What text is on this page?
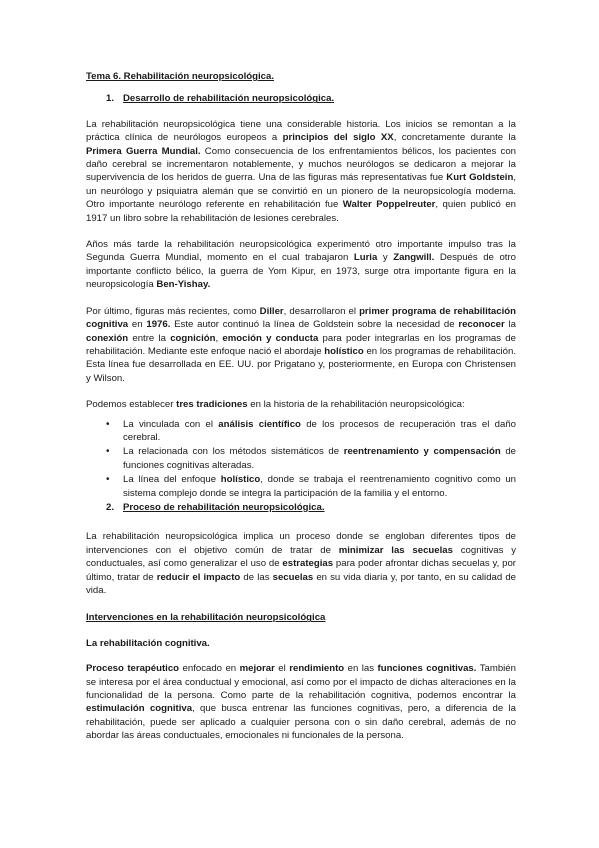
Tema 6. Rehabilitación neuropsicológica.

1. Desarrollo de rehabilitación neuropsicológica.

La rehabilitación neuropsicológica tiene una considerable historia. Los inicios se remontan a la práctica clínica de neurólogos europeos a principios del siglo XX, concretamente durante la Primera Guerra Mundial. Como consecuencia de los enfrentamientos bélicos, los pacientes con daño cerebral se incrementaron notablemente, y muchos neurólogos se dedicaron a mejorar la supervivencia de los heridos de guerra. Una de las figuras más representativas fue Kurt Goldstein, un neurólogo y psiquiatra alemán que se convirtió en un pionero de la neuropsicología moderna. Otro importante neurólogo referente en rehabilitación fue Walter Poppelreuter, quien publicó en 1917 un libro sobre la rehabilitación de lesiones cerebrales.

Años más tarde la rehabilitación neuropsicológica experimentó otro importante impulso tras la Segunda Guerra Mundial, momento en el cual trabajaron Luria y Zangwill. Después de otro importante conflicto bélico, la guerra de Yom Kipur, en 1973, surge otra importante figura en la neuropsicología Ben-Yishay.

Por último, figuras más recientes, como Diller, desarrollaron el primer programa de rehabilitación cognitiva en 1976. Este autor continuó la línea de Goldstein sobre la necesidad de reconocer la conexión entre la cognición, emoción y conducta para poder integrarlas en los programas de rehabilitación. Mediante este enfoque nació el abordaje holístico en los programas de rehabilitación. Esta línea fue desarrollada en EE. UU. por Prigatano y, posteriormente, en Europa con Christensen y Wilson.

Podemos establecer tres tradiciones en la historia de la rehabilitación neuropsicológica:

•	La vinculada con el análisis científico de los procesos de recuperación tras el daño cerebral.
•	La relacionada con los métodos sistemáticos de reentrenamiento y compensación de funciones cognitivas alteradas.
•	La línea del enfoque holístico, donde se trabaja el reentrenamiento cognitivo como un sistema complejo donde se integra la participación de la familia y el entorno.
2. Proceso de rehabilitación neuropsicológica.

La rehabilitación neuropsicológica implica un proceso donde se engloban diferentes tipos de intervenciones con el objetivo común de tratar de minimizar las secuelas cognitivas y conductuales, así como generalizar el uso de estrategias para poder afrontar dichas secuelas y, por último, tratar de reducir el impacto de las secuelas en su vida diaria y, por tanto, en su calidad de vida.

Intervenciones en la rehabilitación neuropsicológica

La rehabilitación cognitiva.

Proceso terapéutico enfocado en mejorar el rendimiento en las funciones cognitivas. También se interesa por el área conductual y emocional, así como por el impacto de dichas alteraciones en la funcionalidad de la persona. Como parte de la rehabilitación cognitiva, podemos encontrar la estimulación cognitiva, que busca entrenar las funciones cognitivas, pero, a diferencia de la rehabilitación, puede ser aplicado a cualquier persona con o sin daño cerebral, además de no abordar las áreas conductuales, emocionales ni funcionales de la persona.
